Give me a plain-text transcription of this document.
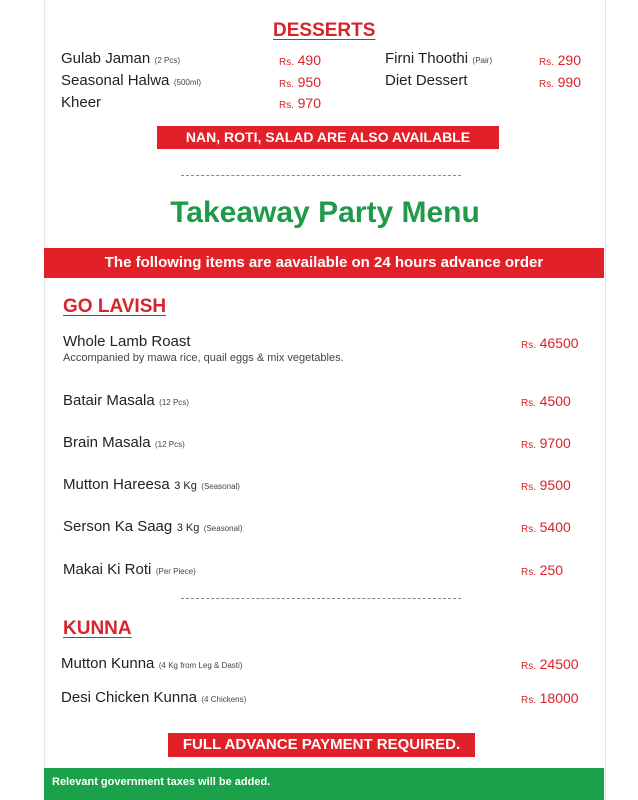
DESSERTS
Gulab Jaman (2 Pcs)	Rs. 490
Seasonal Halwa (500ml)	Rs. 950
Kheer	Rs. 970
Firni Thoothi (Pair)	Rs. 290
Diet Dessert	Rs. 990
NAN, ROTI, SALAD ARE ALSO AVAILABLE
Takeaway Party Menu
The following items are aavailable on 24 hours advance order
GO LAVISH
Whole Lamb Roast
Accompanied by mawa rice, quail eggs & mix vegetables.
Rs. 46500
Batair Masala (12 Pcs)	Rs. 4500
Brain Masala (12 Pcs)	Rs. 9700
Mutton Hareesa 3 Kg (Seasonal)	Rs. 9500
Serson Ka Saag 3 Kg (Seasonal)	Rs. 5400
Makai Ki Roti (Per Piece)	Rs. 250
KUNNA
Mutton Kunna (4 Kg from Leg & Dasti)	Rs. 24500
Desi Chicken Kunna (4 Chickens)	Rs. 18000
FULL ADVANCE PAYMENT REQUIRED.
Relevant government taxes will be added.
